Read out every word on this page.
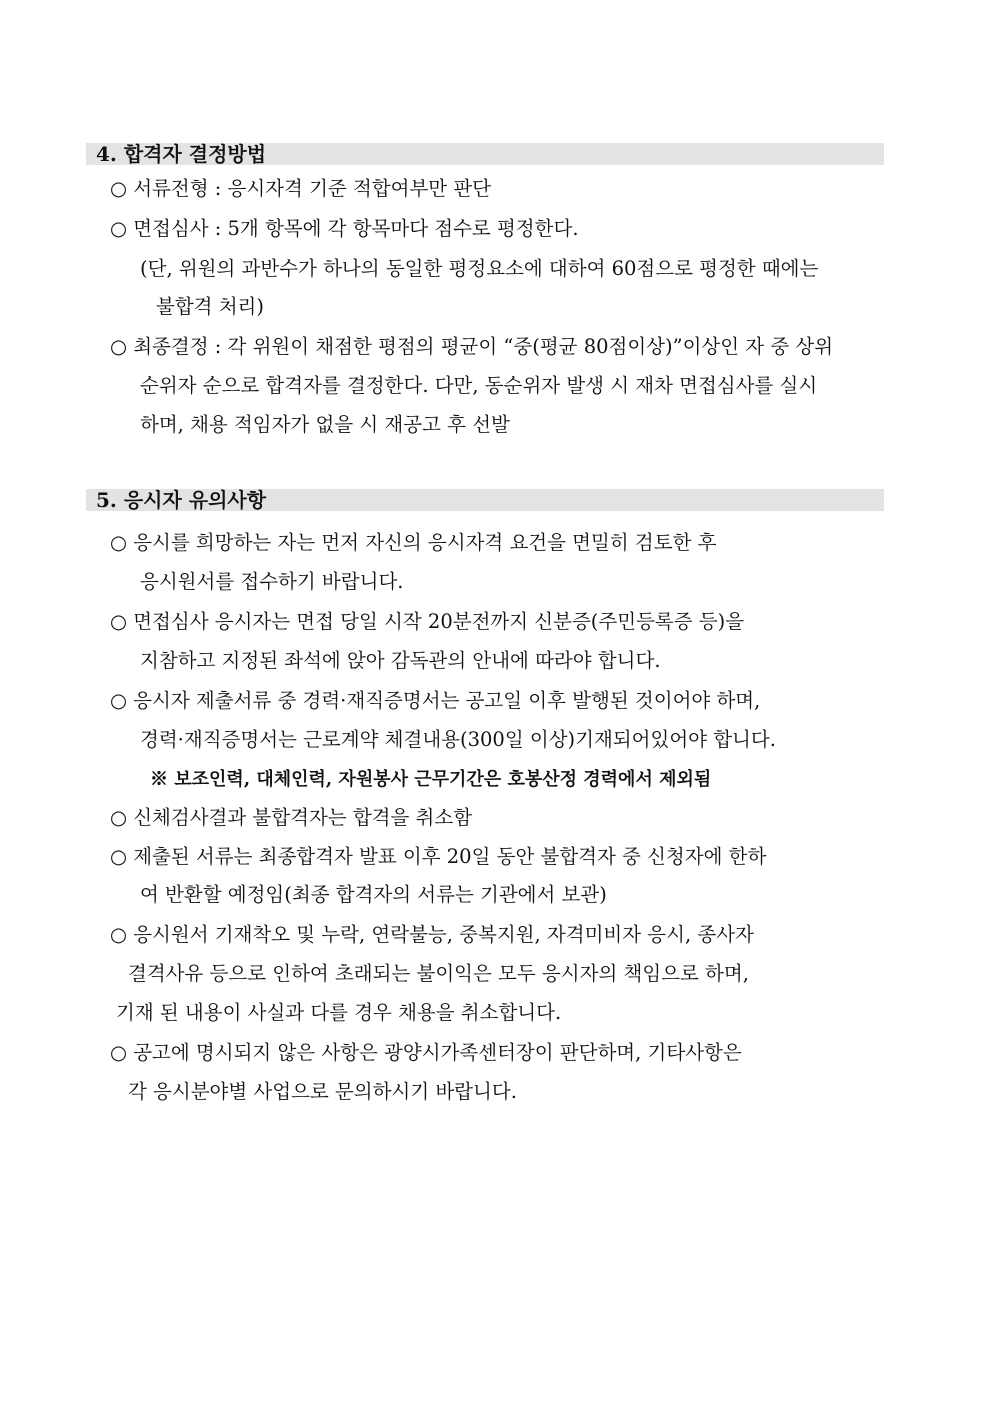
4. 합격자 결정방법
○ 서류전형 : 응시자격 기준 적합여부만 판단
○ 면접심사 : 5개 항목에 각 항목마다 점수로 평정한다.
(단, 위원의 과반수가 하나의 동일한 평정요소에 대하여 60점으로 평정한 때에는
불합격 처리)
○ 최종결정 : 각 위원이 채점한 평점의 평균이 “중(평균 80점이상)”이상인 자 중 상위
순위자 순으로 합격자를 결정한다. 다만, 동순위자 발생 시 재차 면접심사를 실시
하며, 채용 적임자가 없을 시 재공고 후 선발
5. 응시자 유의사항
○ 응시를 희망하는 자는 먼저 자신의 응시자격 요건을 면밀히 검토한 후
응시원서를 접수하기 바랍니다.
○ 면접심사 응시자는 면접 당일 시작 20분전까지 신분증(주민등록증 등)을
지참하고 지정된 좌석에 앉아 감독관의 안내에 따라야 합니다.
○ 응시자 제출서류 중 경력·재직증명서는 공고일 이후 발행된 것이어야 하며,
경력·재직증명서는 근로계약 체결내용(300일 이상)기재되어있어야 합니다.
※ 보조인력, 대체인력, 자원봉사 근무기간은 호봉산정 경력에서 제외됨
○ 신체검사결과 불합격자는 합격을 취소함
○ 제출된 서류는 최종합격자 발표 이후 20일 동안 불합격자 중 신청자에 한하
여 반환할 예정임(최종 합격자의 서류는 기관에서 보관)
○ 응시원서 기재착오 및 누락, 연락불능, 중복지원, 자격미비자 응시, 종사자
결격사유 등으로 인하여 초래되는 불이익은 모두 응시자의 책임으로 하며,
기재 된 내용이 사실과 다를 경우 채용을 취소합니다.
○ 공고에 명시되지 않은 사항은 광양시가족센터장이 판단하며, 기타사항은
각 응시분야별 사업으로 문의하시기 바랍니다.
